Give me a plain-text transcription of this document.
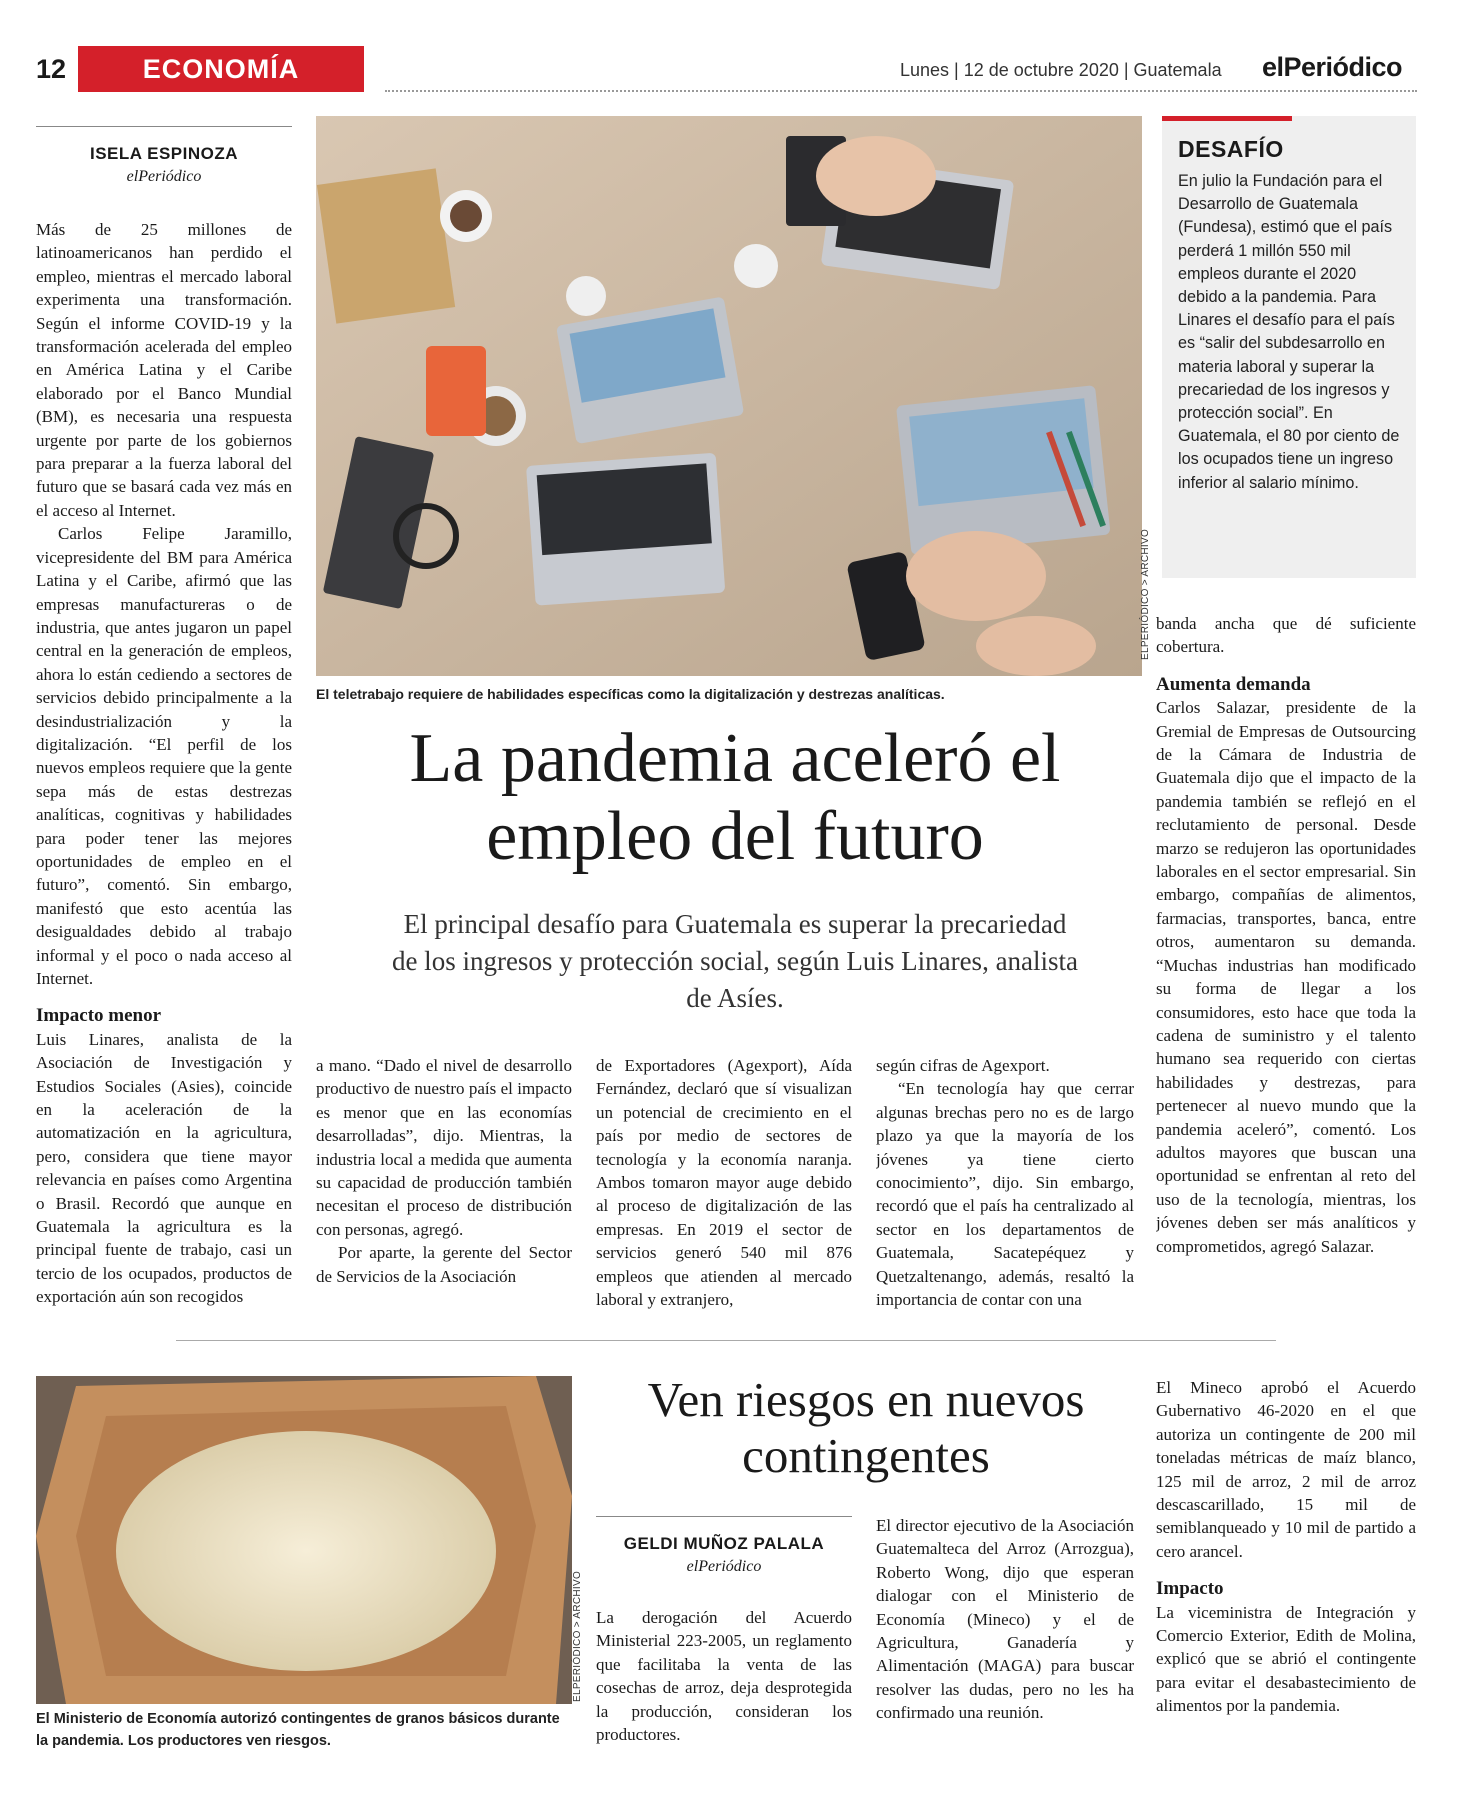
12	ECONOMÍA	Lunes | 12 de octubre 2020 | Guatemala elPeriódico
ISELA ESPINOZA
elPeriódico

Más de 25 millones de latinoamericanos han perdido el empleo, mientras el mercado laboral experimenta una transformación. Según el informe COVID-19 y la transformación acelerada del empleo en América Latina y el Caribe elaborado por el Banco Mundial (BM), es necesaria una respuesta urgente por parte de los gobiernos para preparar a la fuerza laboral del futuro que se basará cada vez más en el acceso al Internet.

Carlos Felipe Jaramillo, vicepresidente del BM para América Latina y el Caribe, afirmó que las empresas manufactureras o de industria, que antes jugaron un papel central en la generación de empleos, ahora lo están cediendo a sectores de servicios debido principalmente a la desindustrialización y la digitalización. “El perfil de los nuevos empleos requiere que la gente sepa más de estas destrezas analíticas, cognitivas y habilidades para poder tener las mejores oportunidades de empleo en el futuro”, comentó. Sin embargo, manifestó que esto acentúa las desigualdades debido al trabajo informal y el poco o nada acceso al Internet.

Impacto menor

Luis Linares, analista de la Asociación de Investigación y Estudios Sociales (Asies), coincide en la aceleración de la automatización en la agricultura, pero, considera que tiene mayor relevancia en países como Argentina o Brasil. Recordó que aunque en Guatemala la agricultura es la principal fuente de trabajo, casi un tercio de los ocupados, productos de exportación aún son recogidos

ELPERIÓDICO > ARCHIVO
El teletrabajo requiere de habilidades específicas como la digitalización y destrezas analíticas.
La pandemia aceleró el empleo del futuro
El principal desafío para Guatemala es superar la precariedad de los ingresos y protección social, según Luis Linares, analista de Asíes.

a mano. “Dado el nivel de desarrollo productivo de nuestro país el impacto es menor que en las economías desarrolladas”, dijo. Mientras, la industria local a medida que aumenta su capacidad de producción también necesitan el proceso de distribución con personas, agregó.

Por aparte, la gerente del Sector de Servicios de la Asociación

de Exportadores (Agexport), Aída Fernández, declaró que sí visualizan un potencial de crecimiento en el país por medio de sectores de tecnología y la economía naranja. Ambos tomaron mayor auge debido al proceso de digitalización de las empresas. En 2019 el sector de servicios generó 540 mil 876 empleos que atienden al mercado laboral y extranjero,

según cifras de Agexport.

“En tecnología hay que cerrar algunas brechas pero no es de largo plazo ya que la mayoría de los jóvenes ya tiene cierto conocimiento”, dijo. Sin embargo, recordó que el país ha centralizado al sector en los departamentos de Guatemala, Sacatepéquez y Quetzaltenango, además, resaltó la importancia de contar con una

DESAFÍO
En julio la Fundación para el Desarrollo de Guatemala (Fundesa), estimó que el país perderá 1 millón 550 mil empleos durante el 2020 debido a la pandemia. Para Linares el desafío para el país es “salir del subdesarrollo en materia laboral y superar la precariedad de los ingresos y protección social”. En Guatemala, el 80 por ciento de los ocupados tiene un ingreso inferior al salario mínimo.

banda ancha que dé suficiente cobertura.

Aumenta demanda

Carlos Salazar, presidente de la Gremial de Empresas de Outsourcing de la Cámara de Industria de Guatemala dijo que el impacto de la pandemia también se reflejó en el reclutamiento de personal. Desde marzo se redujeron las oportunidades laborales en el sector empresarial. Sin embargo, compañías de alimentos, farmacias, transportes, banca, entre otros, aumentaron su demanda. “Muchas industrias han modificado su forma de llegar a los consumidores, esto hace que toda la cadena de suministro y el talento humano sea requerido con ciertas habilidades y destrezas, para pertenecer al nuevo mundo que la pandemia aceleró”, comentó. Los adultos mayores que buscan una oportunidad se enfrentan al reto del uso de la tecnología, mientras, los jóvenes deben ser más analíticos y comprometidos, agregó Salazar.

ELPERIÓDICO > ARCHIVO
El Ministerio de Economía autorizó contingentes de granos básicos durante la pandemia. Los productores ven riesgos.
Ven riesgos en nuevos contingentes
GELDI MUÑOZ PALALA
elPeriódico

La derogación del Acuerdo Ministerial 223-2005, un reglamento que facilitaba la venta de las cosechas de arroz, deja desprotegida la producción, consideran los productores.

El director ejecutivo de la Asociación Guatemalteca del Arroz (Arrozgua), Roberto Wong, dijo que esperan dialogar con el Ministerio de Economía (Mineco) y el de Agricultura, Ganadería y Alimentación (MAGA) para buscar resolver las dudas, pero no les ha confirmado una reunión.

El Mineco aprobó el Acuerdo Gubernativo 46-2020 en el que autoriza un contingente de 200 mil toneladas métricas de maíz blanco, 125 mil de arroz, 2 mil de arroz descascarillado, 15 mil de semiblanqueado y 10 mil de partido a cero arancel.

Impacto

La viceministra de Integración y Comercio Exterior, Edith de Molina, explicó que se abrió el contingente para evitar el desabastecimiento de alimentos por la pandemia.
